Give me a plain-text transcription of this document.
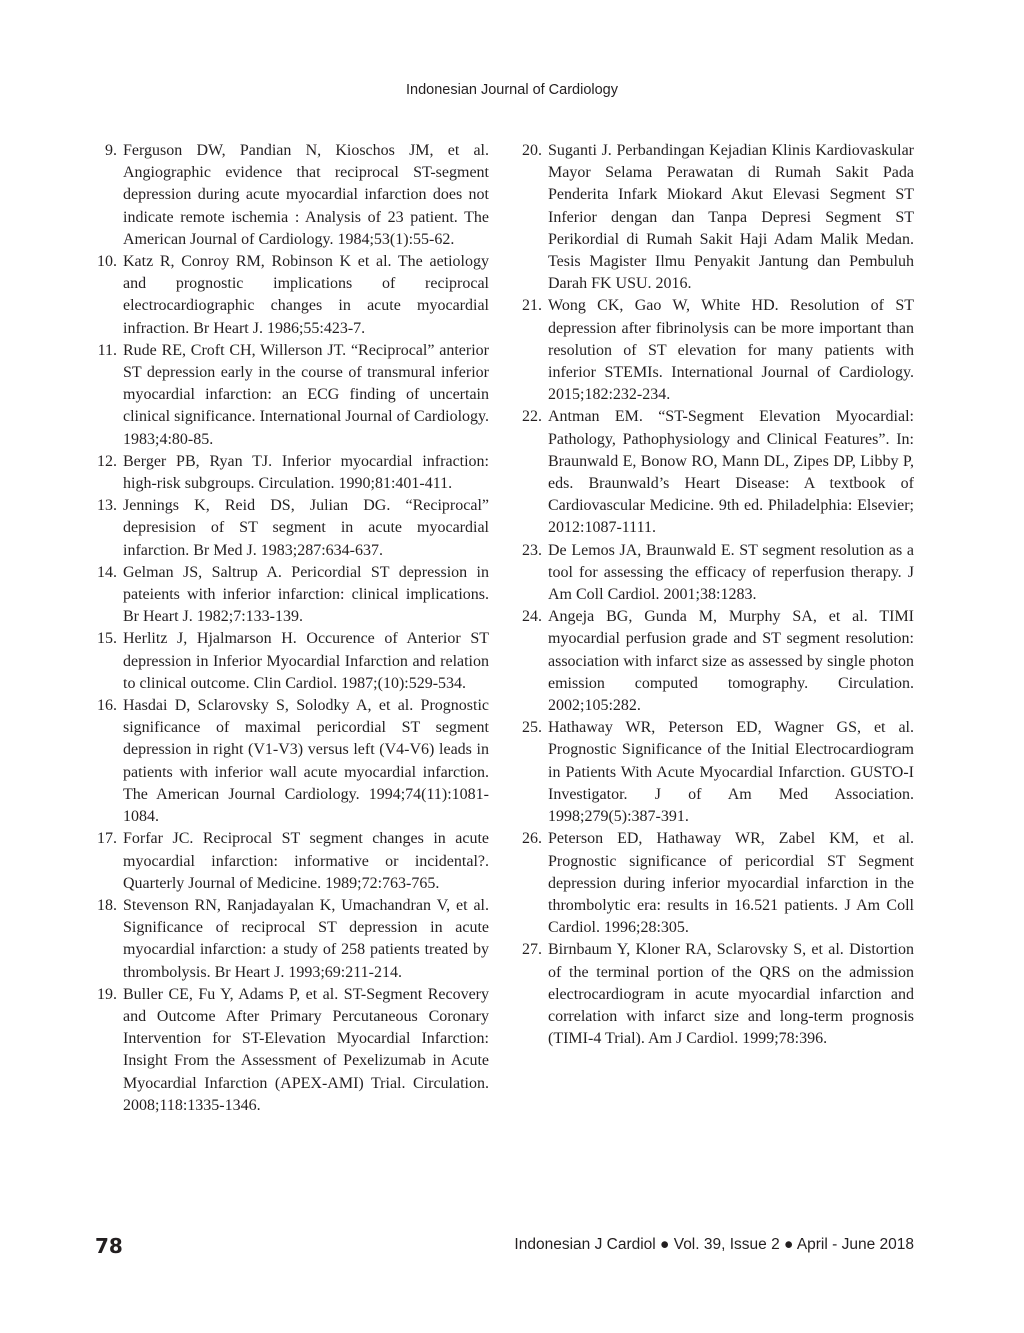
Indonesian Journal of Cardiology
9. Ferguson DW, Pandian N, Kioschos JM, et al. Angiographic evidence that reciprocal ST-segment depression during acute myocardial infarction does not indicate remote ischemia : Analysis of 23 patient. The American Journal of Cardiology. 1984;53(1):55-62.
10. Katz R, Conroy RM, Robinson K et al. The aetiology and prognostic implications of reciprocal electrocardiographic changes in acute myocardial infraction. Br Heart J. 1986;55:423-7.
11. Rude RE, Croft CH, Willerson JT. “Reciprocal” anterior ST depression early in the course of transmural inferior myocardial infarction: an ECG finding of uncertain clinical significance. International Journal of Cardiology. 1983;4:80-85.
12. Berger PB, Ryan TJ. Inferior myocardial infraction: high-risk subgroups. Circulation. 1990;81:401-411.
13. Jennings K, Reid DS, Julian DG. “Reciprocal” depresision of ST segment in acute myocardial infarction. Br Med J. 1983;287:634-637.
14. Gelman JS, Saltrup A. Pericordial ST depression in pateients with inferior infarction: clinical implications. Br Heart J. 1982;7:133-139.
15. Herlitz J, Hjalmarson H. Occurence of Anterior ST depression in Inferior Myocardial Infarction and relation to clinical outcome. Clin Cardiol. 1987;(10):529-534.
16. Hasdai D, Sclarovsky S, Solodky A, et al. Prognostic significance of maximal pericordial ST segment depression in right (V1-V3) versus left (V4-V6) leads in patients with inferior wall acute myocardial infarction. The American Journal Cardiology. 1994;74(11):1081-1084.
17. Forfar JC. Reciprocal ST segment changes in acute myocardial infarction: informative or incidental?. Quarterly Journal of Medicine. 1989;72:763-765.
18. Stevenson RN, Ranjadayalan K, Umachandran V, et al. Significance of reciprocal ST depression in acute myocardial infarction: a study of 258 patients treated by thrombolysis. Br Heart J. 1993;69:211-214.
19. Buller CE, Fu Y, Adams P, et al. ST-Segment Recovery and Outcome After Primary Percutaneous Coronary Intervention for ST-Elevation Myocardial Infarction: Insight From the Assessment of Pexelizumab in Acute Myocardial Infarction (APEX-AMI) Trial. Circulation. 2008;118:1335-1346.
20. Suganti J. Perbandingan Kejadian Klinis Kardiovaskular Mayor Selama Perawatan di Rumah Sakit Pada Penderita Infark Miokard Akut Elevasi Segment ST Inferior dengan dan Tanpa Depresi Segment ST Perikordial di Rumah Sakit Haji Adam Malik Medan. Tesis Magister Ilmu Penyakit Jantung dan Pembuluh Darah FK USU. 2016.
21. Wong CK, Gao W, White HD. Resolution of ST depression after fibrinolysis can be more important than resolution of ST elevation for many patients with inferior STEMIs. International Journal of Cardiology. 2015;182:232-234.
22. Antman EM. “ST-Segment Elevation Myocardial: Pathology, Pathophysiology and Clinical Features”. In: Braunwald E, Bonow RO, Mann DL, Zipes DP, Libby P, eds. Braunwald’s Heart Disease: A textbook of Cardiovascular Medicine. 9th ed. Philadelphia: Elsevier; 2012:1087-1111.
23. De Lemos JA, Braunwald E. ST segment resolution as a tool for assessing the efficacy of reperfusion therapy. J Am Coll Cardiol. 2001;38:1283.
24. Angeja BG, Gunda M, Murphy SA, et al. TIMI myocardial perfusion grade and ST segment resolution: association with infarct size as assessed by single photon emission computed tomography. Circulation. 2002;105:282.
25. Hathaway WR, Peterson ED, Wagner GS, et al. Prognostic Significance of the Initial Electrocardiogram in Patients With Acute Myocardial Infarction. GUSTO-I Investigator. J of Am Med Association. 1998;279(5):387-391.
26. Peterson ED, Hathaway WR, Zabel KM, et al. Prognostic significance of pericordial ST Segment depression during inferior myocardial infarction in the thrombolytic era: results in 16.521 patients. J Am Coll Cardiol. 1996;28:305.
27. Birnbaum Y, Kloner RA, Sclarovsky S, et al. Distortion of the terminal portion of the QRS on the admission electrocardiogram in acute myocardial infarction and correlation with infarct size and long-term prognosis (TIMI-4 Trial). Am J Cardiol. 1999;78:396.
78	Indonesian J Cardiol ● Vol. 39, Issue 2 ● April - June 2018
